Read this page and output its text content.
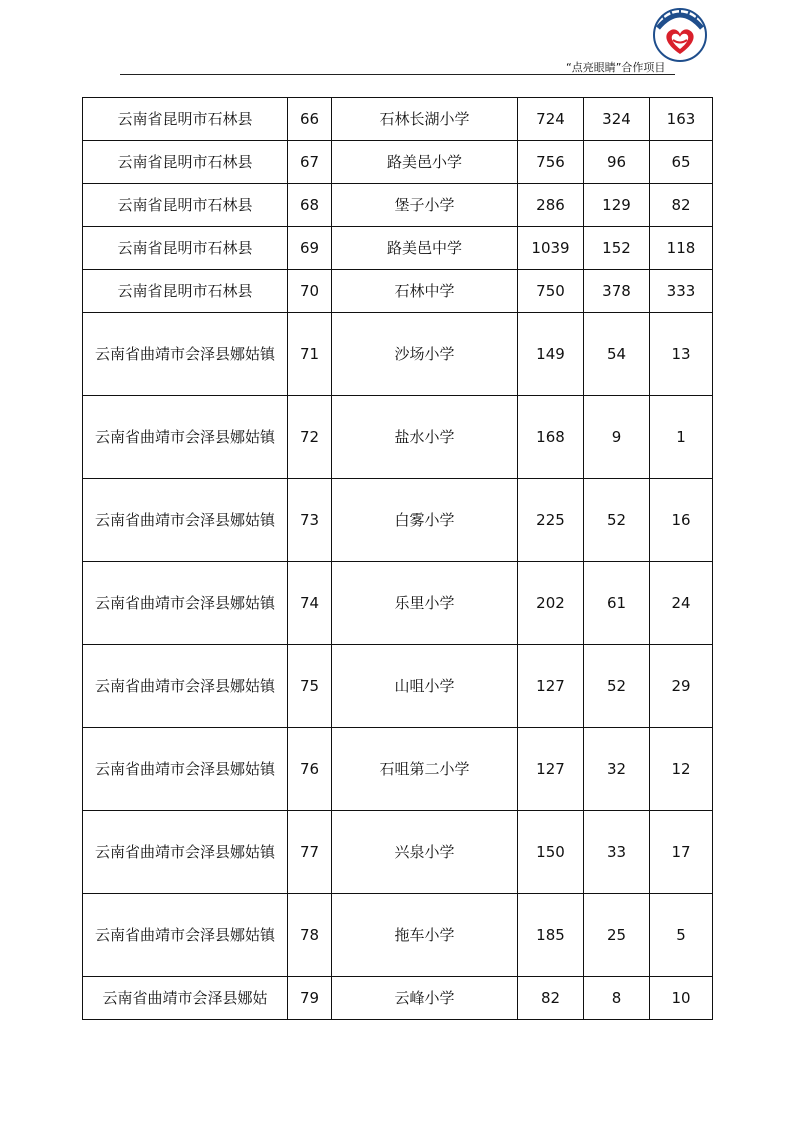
“点亮眼睛”合作项目
云南省昆明市石林县	66	石林长湖小学	724	324	163
云南省昆明市石林县	67	路美邑小学	756	96	65
云南省昆明市石林县	68	堡子小学	286	129	82
云南省昆明市石林县	69	路美邑中学	1039	152	118
云南省昆明市石林县	70	石林中学	750	378	333
云南省曲靖市会泽县娜姑镇	71	沙场小学	149	54	13
云南省曲靖市会泽县娜姑镇	72	盐水小学	168	9	1
云南省曲靖市会泽县娜姑镇	73	白雾小学	225	52	16
云南省曲靖市会泽县娜姑镇	74	乐里小学	202	61	24
云南省曲靖市会泽县娜姑镇	75	山咀小学	127	52	29
云南省曲靖市会泽县娜姑镇	76	石咀第二小学	127	32	12
云南省曲靖市会泽县娜姑镇	77	兴泉小学	150	33	17
云南省曲靖市会泽县娜姑镇	78	拖车小学	185	25	5
云南省曲靖市会泽县娜姑	79	云峰小学	82	8	10
